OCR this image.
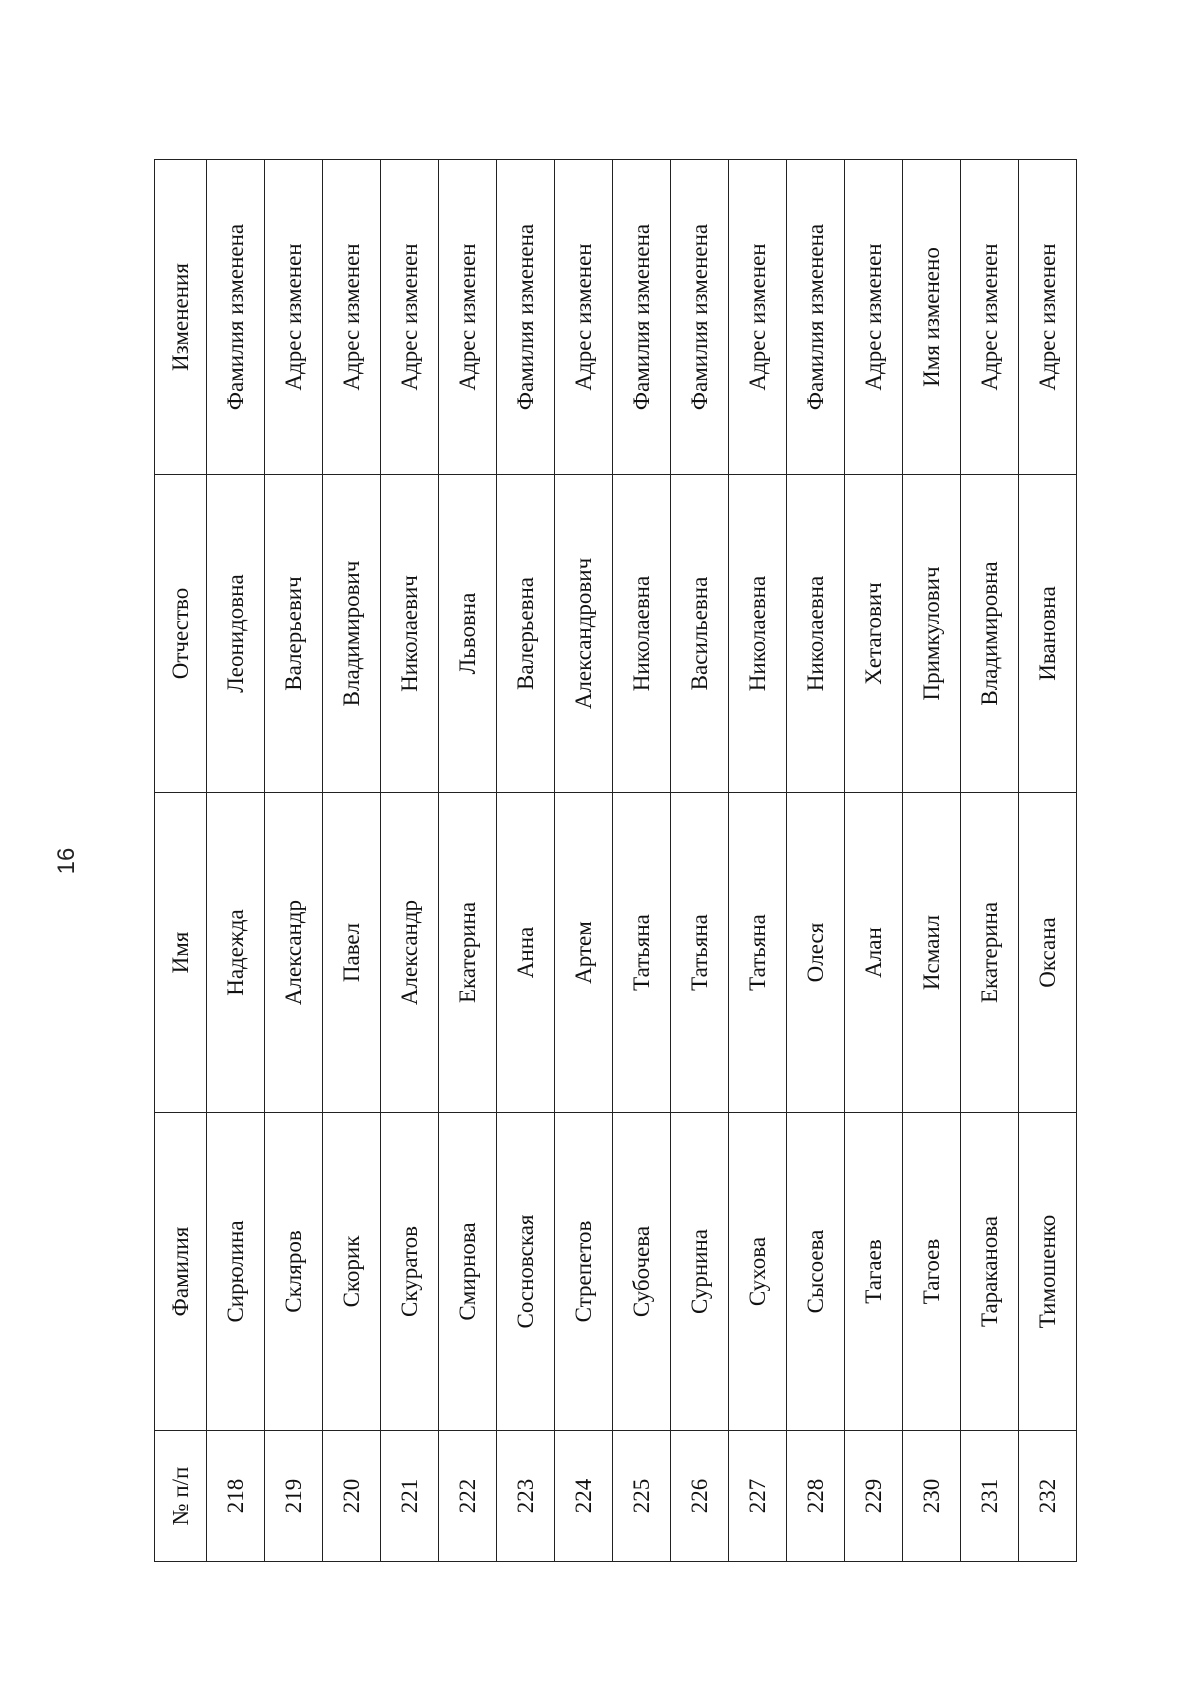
16
№ п/п	Фамилия	Имя	Отчество	Изменения
218	Сирюлина	Надежда	Леонидовна	Фамилия изменена
219	Скляров	Александр	Валерьевич	Адрес изменен
220	Скорик	Павел	Владимирович	Адрес изменен
221	Скуратов	Александр	Николаевич	Адрес изменен
222	Смирнова	Екатерина	Львовна	Адрес изменен
223	Сосновская	Анна	Валерьевна	Фамилия изменена
224	Стрепетов	Артем	Александрович	Адрес изменен
225	Субочева	Татьяна	Николаевна	Фамилия изменена
226	Сурнина	Татьяна	Васильевна	Фамилия изменена
227	Сухова	Татьяна	Николаевна	Адрес изменен
228	Сысоева	Олеся	Николаевна	Фамилия изменена
229	Тагаев	Алан	Хетагович	Адрес изменен
230	Тагоев	Исмаил	Примкулович	Имя изменено
231	Тараканова	Екатерина	Владимировна	Адрес изменен
232	Тимошенко	Оксана	Ивановна	Адрес изменен
